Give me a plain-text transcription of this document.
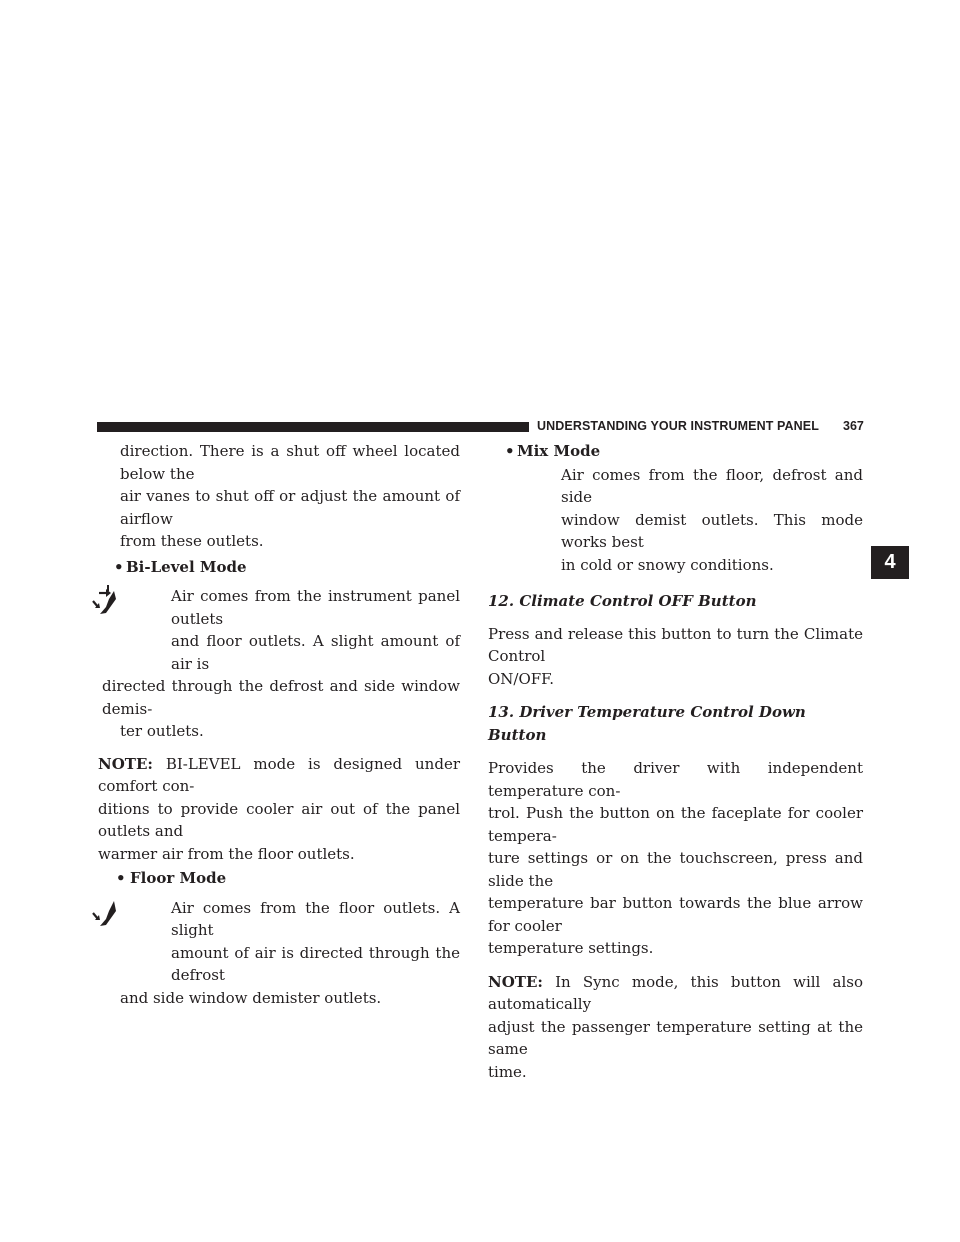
UNDERSTANDING YOUR INSTRUMENT PANEL 367
4

direction. There is a shut off wheel located below the

air vanes to shut off or adjust the amount of airflow

from these outlets.

• Bi-Level Mode

Air comes from the instrument panel outlets

and floor outlets. A slight amount of air is

directed through the defrost and side window demis-

ter outlets.

NOTE: BI-LEVEL mode is designed under comfort con-

ditions to provide cooler air out of the panel outlets and

warmer air from the floor outlets.

• Floor Mode

Air comes from the floor outlets. A slight

amount of air is directed through the defrost

and side window demister outlets.

• Mix Mode

Air comes from the floor, defrost and side

window demist outlets. This mode works best

in cold or snowy conditions.

12. Climate Control OFF Button

Press and release this button to turn the Climate Control

ON/OFF.

13. Driver Temperature Control Down Button

Provides the driver with independent temperature con-

trol. Push the button on the faceplate for cooler tempera-

ture settings or on the touchscreen, press and slide the

temperature bar button towards the blue arrow for cooler

temperature settings.

NOTE: In Sync mode, this button will also automatically

adjust the passenger temperature setting at the same

time.
